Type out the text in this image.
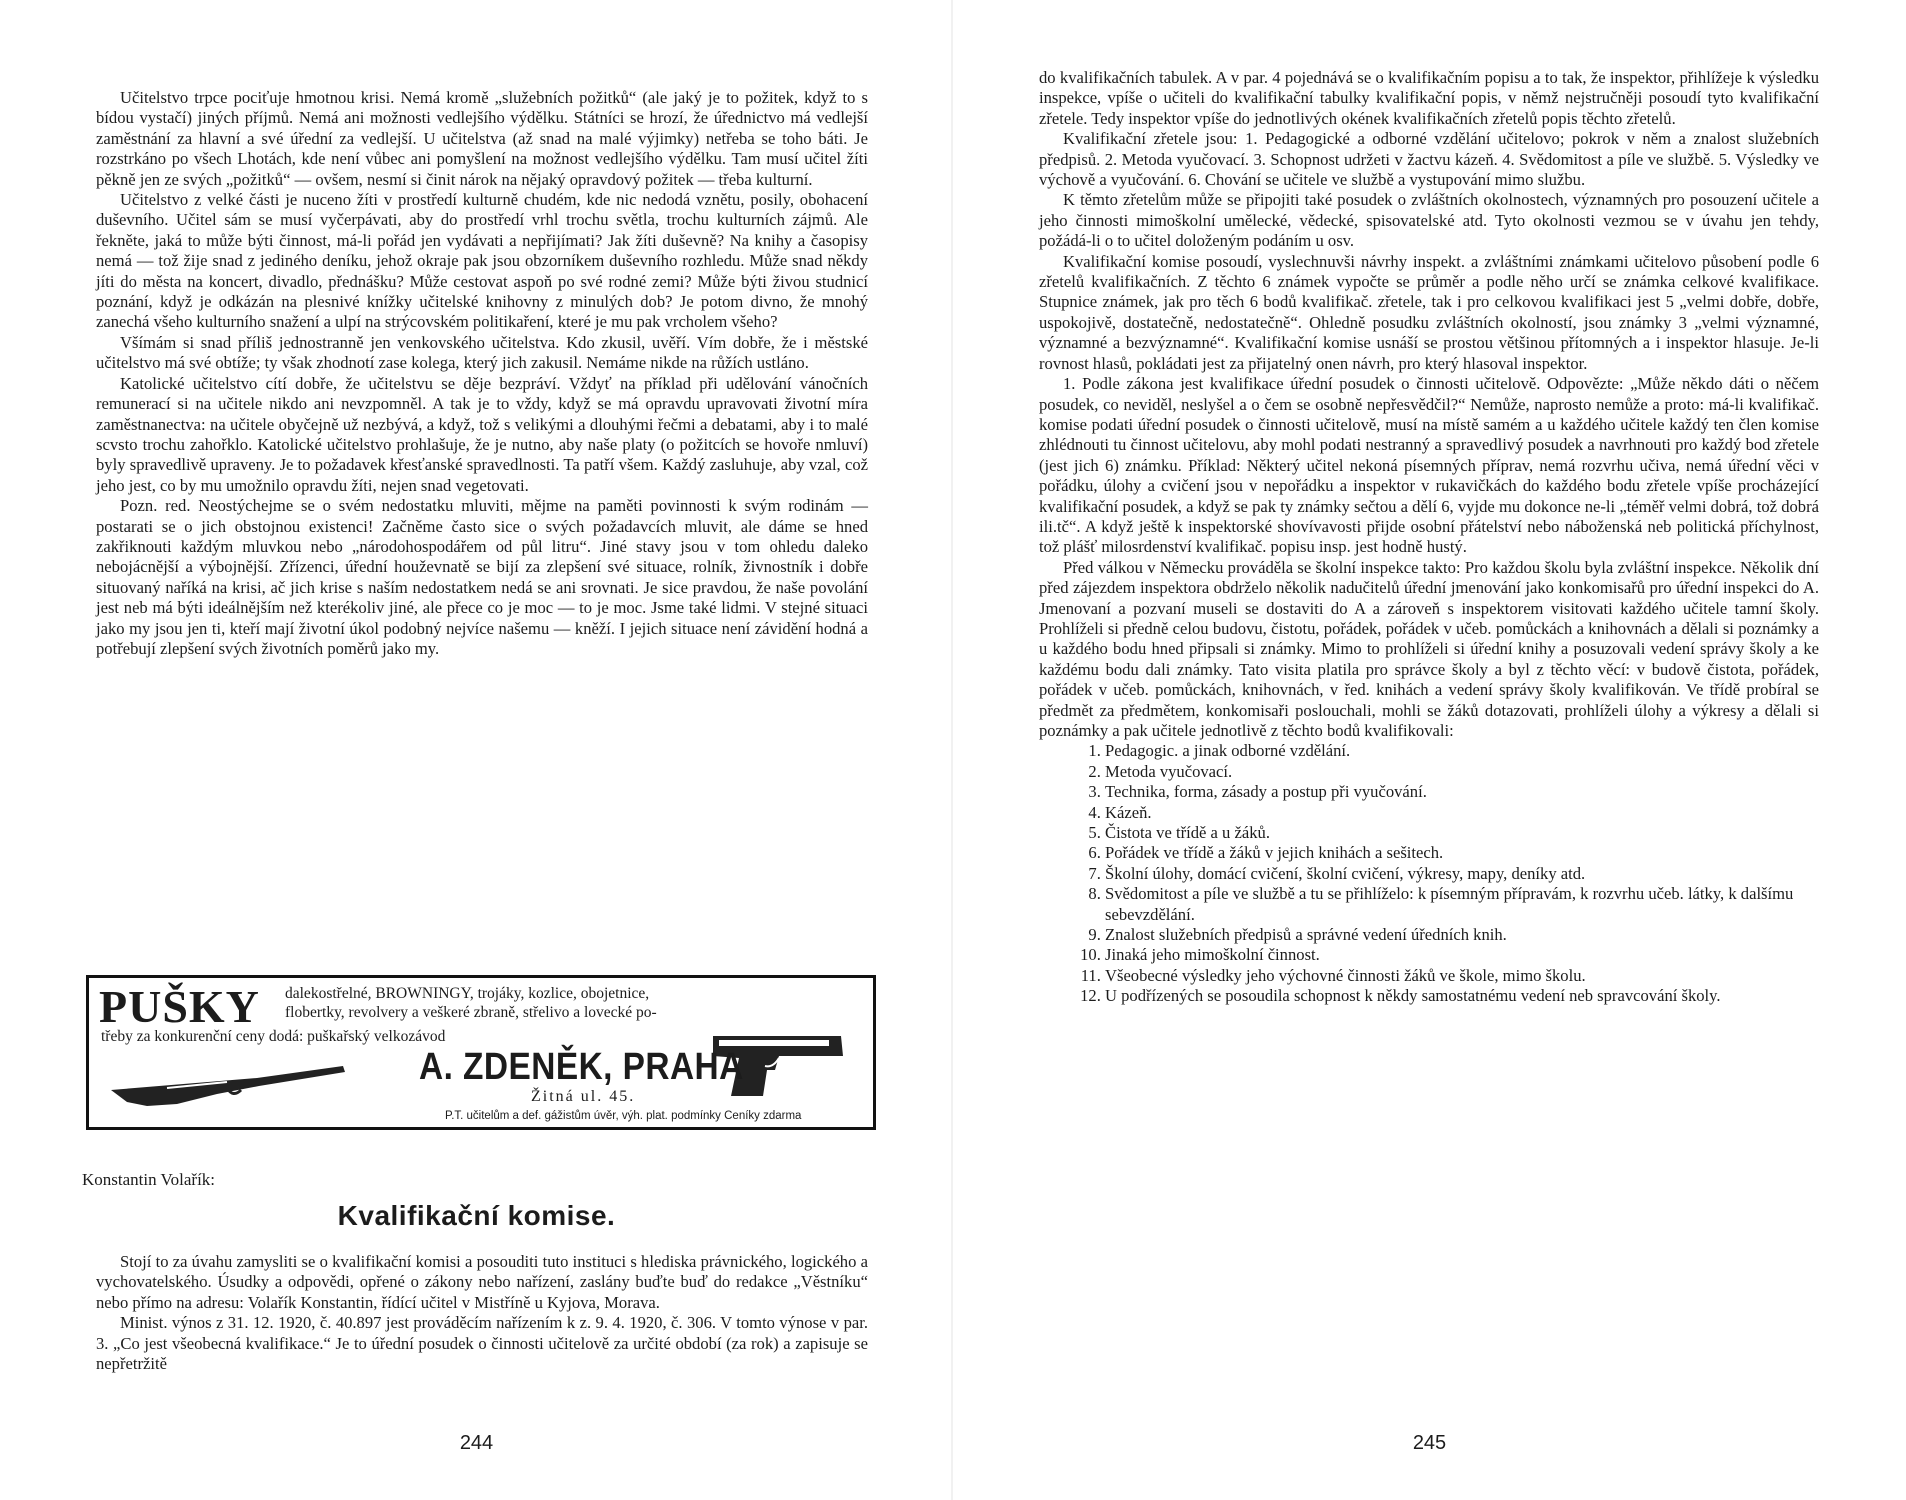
Učitelstvo trpce pociťuje hmotnou krisi. Nemá kromě „služebních požitků“ (ale jaký je to požitek, když to s bídou vystačí) jiných příjmů. Nemá ani možnosti vedlejšího výdělku. Státníci se hrozí, že úřednictvo má vedlejší zaměstnání za hlavní a své úřední za vedlejší. U učitelstva (až snad na malé výjimky) netřeba se toho báti. Je rozstrkáno po všech Lhotách, kde není vůbec ani pomyšlení na možnost vedlejšího výdělku. Tam musí učitel žíti pěkně jen ze svých „požitků“ — ovšem, nesmí si činit nárok na nějaký opravdový požitek — třeba kulturní.

Učitelstvo z velké části je nuceno žíti v prostředí kulturně chudém, kde nic nedodá vznětu, posily, obohacení duševního. Učitel sám se musí vyčerpávati, aby do prostředí vrhl trochu světla, trochu kulturních zájmů. Ale řekněte, jaká to může býti činnost, má-li pořád jen vydávati a nepřijímati? Jak žíti duševně? Na knihy a časopisy nemá — tož žije snad z jediného deníku, jehož okraje pak jsou obzorníkem duševního rozhledu. Může snad někdy jíti do města na koncert, divadlo, přednášku? Může cestovat aspoň po své rodné zemi? Může býti živou studnicí poznání, když je odkázán na plesnivé knížky učitelské knihovny z minulých dob? Je potom divno, že mnohý zanechá všeho kulturního snažení a ulpí na strýcovském politikaření, které je mu pak vrcholem všeho?

Všímám si snad příliš jednostranně jen venkovského učitelstva. Kdo zkusil, uvěří. Vím dobře, že i městské učitelstvo má své obtíže; ty však zhodnotí zase kolega, který jich zakusil. Nemáme nikde na růžích ustláno.

Katolické učitelstvo cítí dobře, že učitelstvu se děje bezpráví. Vždyť na příklad při udělování vánočních remunerací si na učitele nikdo ani nevzpomněl. A tak je to vždy, když se má opravdu upravovati životní míra zaměstnanectva: na učitele obyčejně už nezbývá, a když, tož s velikými a dlouhými řečmi a debatami, aby i to malé scvsto trochu zahořklo. Katolické učitelstvo prohlašuje, že je nutno, aby naše platy (o požitcích se hovoře nmluví) byly spravedlivě upraveny. Je to požadavek křesťanské spravedlnosti. Ta patří všem. Každý zasluhuje, aby vzal, což jeho jest, co by mu umožnilo opravdu žíti, nejen snad vegetovati.

Pozn. red. Neostýchejme se o svém nedostatku mluviti, mějme na paměti povinnosti k svým rodinám — postarati se o jich obstojnou existenci! Začněme často sice o svých požadavcích mluvit, ale dáme se hned zakřiknouti každým mluvkou nebo „národohospodářem od půl litru“. Jiné stavy jsou v tom ohledu daleko nebojácnější a výbojnější. Zřízenci, úřední houževnatě se bijí za zlepšení své situace, rolník, živnostník i dobře situovaný naříká na krisi, ač jich krise s naším nedostatkem nedá se ani srovnati. Je sice pravdou, že naše povolání jest neb má býti ideálnějším než kterékoliv jiné, ale přece co je moc — to je moc. Jsme také lidmi. V stejné situaci jako my jsou jen ti, kteří mají životní úkol podobný nejvíce našemu — kněží. I jejich situace není závidění hodná a potřebují zlepšení svých životních poměrů jako my.

PUŠKY dalekostřelné, BROWNINGY, trojáky, kozlice, obojetnice,
flobertky, revolvery a veškeré zbraně, střelivo a lovecké po-
třeby za konkurenční ceny dodá: puškařský velkozávod
A. ZDENĚK, PRAHA
Žitná ul. 45.
P.T. učitelům a def. gážistům úvěr, výh. plat. podmínky Ceníky zdarma
Konstantin Volařík:
Kvalifikační komise.

Stojí to za úvahu zamysliti se o kvalifikační komisi a posouditi tuto instituci s hlediska právnického, logického a vychovatelského. Úsudky a odpovědi, opřené o zákony nebo nařízení, zaslány buďte buď do redakce „Věstníku“ nebo přímo na adresu: Volařík Konstantin, řídící učitel v Mistříně u Kyjova, Morava.

Minist. výnos z 31. 12. 1920, č. 40.897 jest prováděcím nařízením k z. 9. 4. 1920, č. 306. V tomto výnose v par. 3. „Co jest všeobecná kvalifikace.“ Je to úřední posudek o činnosti učitelově za určité období (za rok) a zapisuje se nepřetržitě

244

do kvalifikačních tabulek. A v par. 4 pojednává se o kvalifikačním popisu a to tak, že inspektor, přihlížeje k výsledku inspekce, vpíše o učiteli do kvalifikační tabulky kvalifikační popis, v němž nejstručněji posoudí tyto kvalifikační zřetele. Tedy inspektor vpíše do jednotlivých okének kvalifikačních zřetelů popis těchto zřetelů.

Kvalifikační zřetele jsou: 1. Pedagogické a odborné vzdělání učitelovo; pokrok v něm a znalost služebních předpisů. 2. Metoda vyučovací. 3. Schopnost udržeti v žactvu kázeň. 4. Svědomitost a píle ve službě. 5. Výsledky ve výchově a vyučování. 6. Chování se učitele ve službě a vystupování mimo službu.

K těmto zřetelům může se připojiti také posudek o zvláštních okolnostech, významných pro posouzení učitele a jeho činnosti mimoškolní umělecké, vědecké, spisovatelské atd. Tyto okolnosti vezmou se v úvahu jen tehdy, požádá-li o to učitel doloženým podáním u osv.

Kvalifikační komise posoudí, vyslechnuvši návrhy inspekt. a zvláštními známkami učitelovo působení podle 6 zřetelů kvalifikačních. Z těchto 6 známek vypočte se průměr a podle něho určí se známka celkové kvalifikace. Stupnice známek, jak pro těch 6 bodů kvalifikač. zřetele, tak i pro celkovou kvalifikaci jest 5 „velmi dobře, dobře, uspokojivě, dostatečně, nedostatečně“. Ohledně posudku zvláštních okolností, jsou známky 3 „velmi významné, významné a bezvýznamné“. Kvalifikační komise usnáší se prostou většinou přítomných a i inspektor hlasuje. Je-li rovnost hlasů, pokládati jest za přijatelný onen návrh, pro který hlasoval inspektor.

1. Podle zákona jest kvalifikace úřední posudek o činnosti učitelově. Odpovězte: „Může někdo dáti o něčem posudek, co neviděl, neslyšel a o čem se osobně nepřesvědčil?“ Nemůže, naprosto nemůže a proto: má-li kvalifikač. komise podati úřední posudek o činnosti učitelově, musí na místě samém a u každého učitele každý ten člen komise zhlédnouti tu činnost učitelovu, aby mohl podati nestranný a spravedlivý posudek a navrhnouti pro každý bod zřetele (jest jich 6) známku. Příklad: Některý učitel nekoná písemných příprav, nemá rozvrhu učiva, nemá úřední věci v pořádku, úlohy a cvičení jsou v nepořádku a inspektor v rukavičkách do každého bodu zřetele vpíše procházející kvalifikační posudek, a když se pak ty známky sečtou a dělí 6, vyjde mu dokonce ne-li „téměř velmi dobrá, tož dobrá ili.tč“. A když ještě k inspektorské shovívavosti přijde osobní přátelství nebo náboženská neb politická příchylnost, tož plášť milosrdenství kvalifikač. popisu insp. jest hodně hustý.

Před válkou v Německu prováděla se školní inspekce takto: Pro každou školu byla zvláštní inspekce. Několik dní před zájezdem inspektora obdrželo několik nadučitelů úřední jmenování jako konkomisařů pro úřední inspekci do A. Jmenovaní a pozvaní museli se dostaviti do A a zároveň s inspektorem visitovati každého učitele tamní školy. Prohlíželi si předně celou budovu, čistotu, pořádek, pořádek v učeb. pomůckách a knihovnách a dělali si poznámky a u každého bodu hned připsali si známky. Mimo to prohlíželi si úřední knihy a posuzovali vedení správy školy a ke každému bodu dali známky. Tato visita platila pro správce školy a byl z těchto věcí: v budově čistota, pořádek, pořádek v učeb. pomůckách, knihovnách, v řed. knihách a vedení správy školy kvalifikován. Ve třídě probíral se předmět za předmětem, konkomisaři poslouchali, mohli se žáků dotazovati, prohlíželi úlohy a výkresy a dělali si poznámky a pak učitele jednotlivě z těchto bodů kvalifikovali:

1. Pedagogic. a jinak odborné vzdělání.
2. Metoda vyučovací.
3. Technika, forma, zásady a postup při vyučování.
4. Kázeň.
5. Čistota ve třídě a u žáků.
6. Pořádek ve třídě a žáků v jejich knihách a sešitech.
7. Školní úlohy, domácí cvičení, školní cvičení, výkresy, mapy, deníky atd.
8. Svědomitost a píle ve službě a tu se přihlíželo: k písemným přípravám, k rozvrhu učeb. látky, k dalšímu sebevzdělání.
9. Znalost služebních předpisů a správné vedení úředních knih.
10. Jinaká jeho mimoškolní činnost.
11. Všeobecné výsledky jeho výchovné činnosti žáků ve škole, mimo školu.
12. U podřízených se posoudila schopnost k někdy samostatnému vedení neb spravcování školy.
245
